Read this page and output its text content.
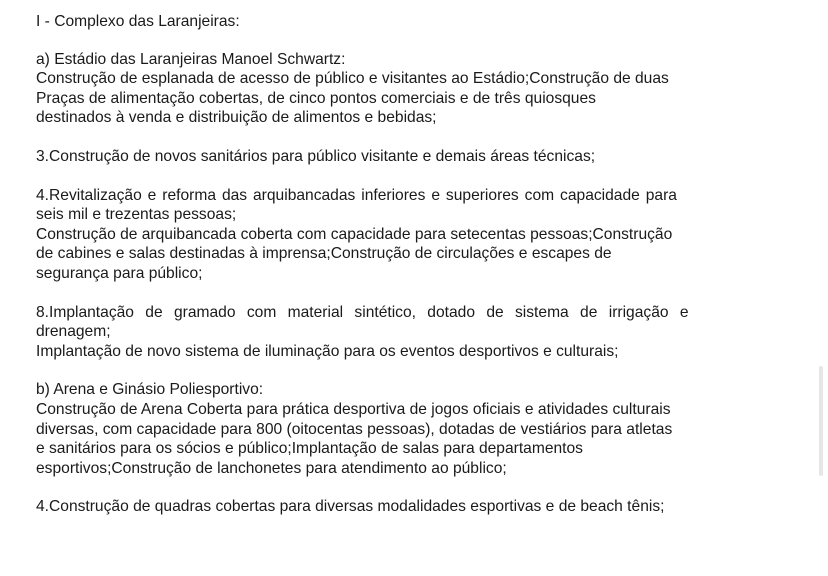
I - Complexo das Laranjeiras:
a) Estádio das Laranjeiras Manoel Schwartz:
Construção de esplanada de acesso de público e visitantes ao Estádio;Construção de duas
Praças de alimentação cobertas, de cinco pontos comerciais e de três quiosques
destinados à venda e distribuição de alimentos e bebidas;
3.Construção de novos sanitários para público visitante e demais áreas técnicas;
4.Revitalização e reforma das arquibancadas inferiores e superiores com capacidade para
seis mil e trezentas pessoas;
Construção de arquibancada coberta com capacidade para setecentas pessoas;Construção
de cabines e salas destinadas à imprensa;Construção de circulações e escapes de
segurança para público;
8.Implantação de gramado com material sintético, dotado de sistema de irrigação e
drenagem;
Implantação de novo sistema de iluminação para os eventos desportivos e culturais;
b) Arena e Ginásio Poliesportivo:
Construção de Arena Coberta para prática desportiva de jogos oficiais e atividades culturais
diversas, com capacidade para 800 (oitocentas pessoas), dotadas de vestiários para atletas
e sanitários para os sócios e público;Implantação de salas para departamentos
esportivos;Construção de lanchonetes para atendimento ao público;
4.Construção de quadras cobertas para diversas modalidades esportivas e de beach tênis;
